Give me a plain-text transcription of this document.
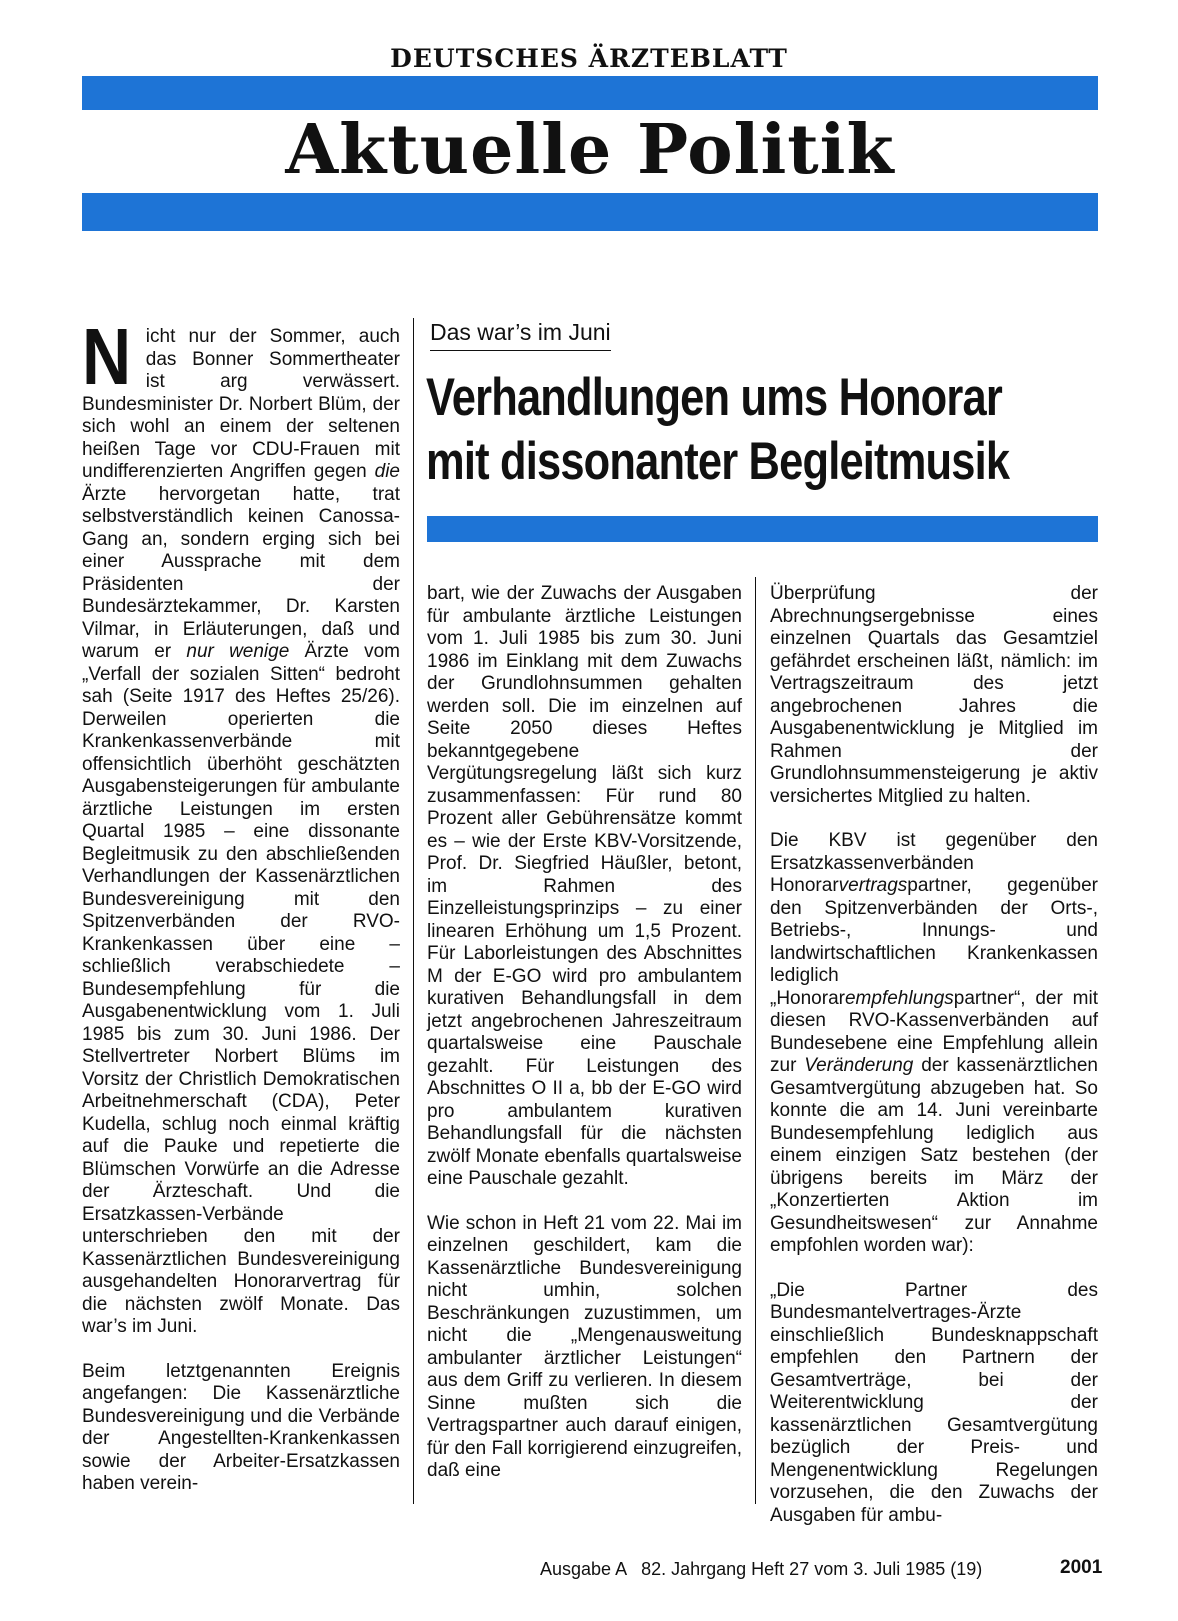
DEUTSCHES ÄRZTEBLATT
Aktuelle Politik
Das war’s im Juni
Verhandlungen ums Honorar
mit dissonanter Begleitmusik

Nicht nur der Sommer, auch das Bonner Sommertheater ist arg verwässert. Bundesminister Dr. Norbert Blüm, der sich wohl an einem der seltenen heißen Tage vor CDU-Frauen mit undifferenzierten Angriffen gegen die Ärzte hervorgetan hatte, trat selbstverständlich keinen Canossa-Gang an, sondern erging sich bei einer Aussprache mit dem Präsidenten der Bundesärztekammer, Dr. Karsten Vilmar, in Erläuterungen, daß und warum er nur wenige Ärzte vom „Verfall der sozialen Sitten“ bedroht sah (Seite 1917 des Heftes 25/26). Derweilen operierten die Krankenkassenverbände mit offensichtlich überhöht geschätzten Ausgabensteigerungen für ambulante ärztliche Leistungen im ersten Quartal 1985 – eine dissonante Begleitmusik zu den abschließenden Verhandlungen der Kassenärztlichen Bundesvereinigung mit den Spitzenverbänden der RVO-Krankenkassen über eine – schließlich verabschiedete – Bundesempfehlung für die Ausgabenentwicklung vom 1. Juli 1985 bis zum 30. Juni 1986. Der Stellvertreter Norbert Blüms im Vorsitz der Christlich Demokratischen Arbeitnehmerschaft (CDA), Peter Kudella, schlug noch einmal kräftig auf die Pauke und repetierte die Blümschen Vorwürfe an die Adresse der Ärzteschaft. Und die Ersatzkassen-Verbände unterschrieben den mit der Kassenärztlichen Bundesvereinigung ausgehandelten Honorarvertrag für die nächsten zwölf Monate. Das war’s im Juni.

Beim letztgenannten Ereignis angefangen: Die Kassenärztliche Bundesvereinigung und die Verbände der Angestellten-Krankenkassen sowie der Arbeiter-Ersatzkassen haben verein-

bart, wie der Zuwachs der Ausgaben für ambulante ärztliche Leistungen vom 1. Juli 1985 bis zum 30. Juni 1986 im Einklang mit dem Zuwachs der Grundlohnsummen gehalten werden soll. Die im einzelnen auf Seite 2050 dieses Heftes bekanntgegebene Vergütungsregelung läßt sich kurz zusammenfassen: Für rund 80 Prozent aller Gebührensätze kommt es – wie der Erste KBV-Vorsitzende, Prof. Dr. Siegfried Häußler, betont, im Rahmen des Einzelleistungsprinzips – zu einer linearen Erhöhung um 1,5 Prozent. Für Laborleistungen des Abschnittes M der E-GO wird pro ambulantem kurativen Behandlungsfall in dem jetzt angebrochenen Jahreszeitraum quartalsweise eine Pauschale gezahlt. Für Leistungen des Abschnittes O II a, bb der E-GO wird pro ambulantem kurativen Behandlungsfall für die nächsten zwölf Monate ebenfalls quartalsweise eine Pauschale gezahlt.

Wie schon in Heft 21 vom 22. Mai im einzelnen geschildert, kam die Kassenärztliche Bundesvereinigung nicht umhin, solchen Beschränkungen zuzustimmen, um nicht die „Mengenausweitung ambulanter ärztlicher Leistungen“ aus dem Griff zu verlieren. In diesem Sinne mußten sich die Vertragspartner auch darauf einigen, für den Fall korrigierend einzugreifen, daß eine

Überprüfung der Abrechnungsergebnisse eines einzelnen Quartals das Gesamtziel gefährdet erscheinen läßt, nämlich: im Vertragszeitraum des jetzt angebrochenen Jahres die Ausgabenentwicklung je Mitglied im Rahmen der Grundlohnsummensteigerung je aktiv versichertes Mitglied zu halten.

Die KBV ist gegenüber den Ersatzkassenverbänden Honorarvertragspartner, gegenüber den Spitzenverbänden der Orts-, Betriebs-, Innungs- und landwirtschaftlichen Krankenkassen lediglich „Honorarempfehlungspartner“, der mit diesen RVO-Kassenverbänden auf Bundesebene eine Empfehlung allein zur Veränderung der kassenärztlichen Gesamtvergütung abzugeben hat. So konnte die am 14. Juni vereinbarte Bundesempfehlung lediglich aus einem einzigen Satz bestehen (der übrigens bereits im März der „Konzertierten Aktion im Gesundheitswesen“ zur Annahme empfohlen worden war):

„Die Partner des Bundesmantelvertrages-Ärzte einschließlich Bundesknappschaft empfehlen den Partnern der Gesamtverträge, bei der Weiterentwicklung der kassenärztlichen Gesamtvergütung bezüglich der Preis- und Mengenentwicklung Regelungen vorzusehen, die den Zuwachs der Ausgaben für ambu-

Ausgabe A   82. Jahrgang Heft 27 vom 3. Juli 1985 (19)	2001
